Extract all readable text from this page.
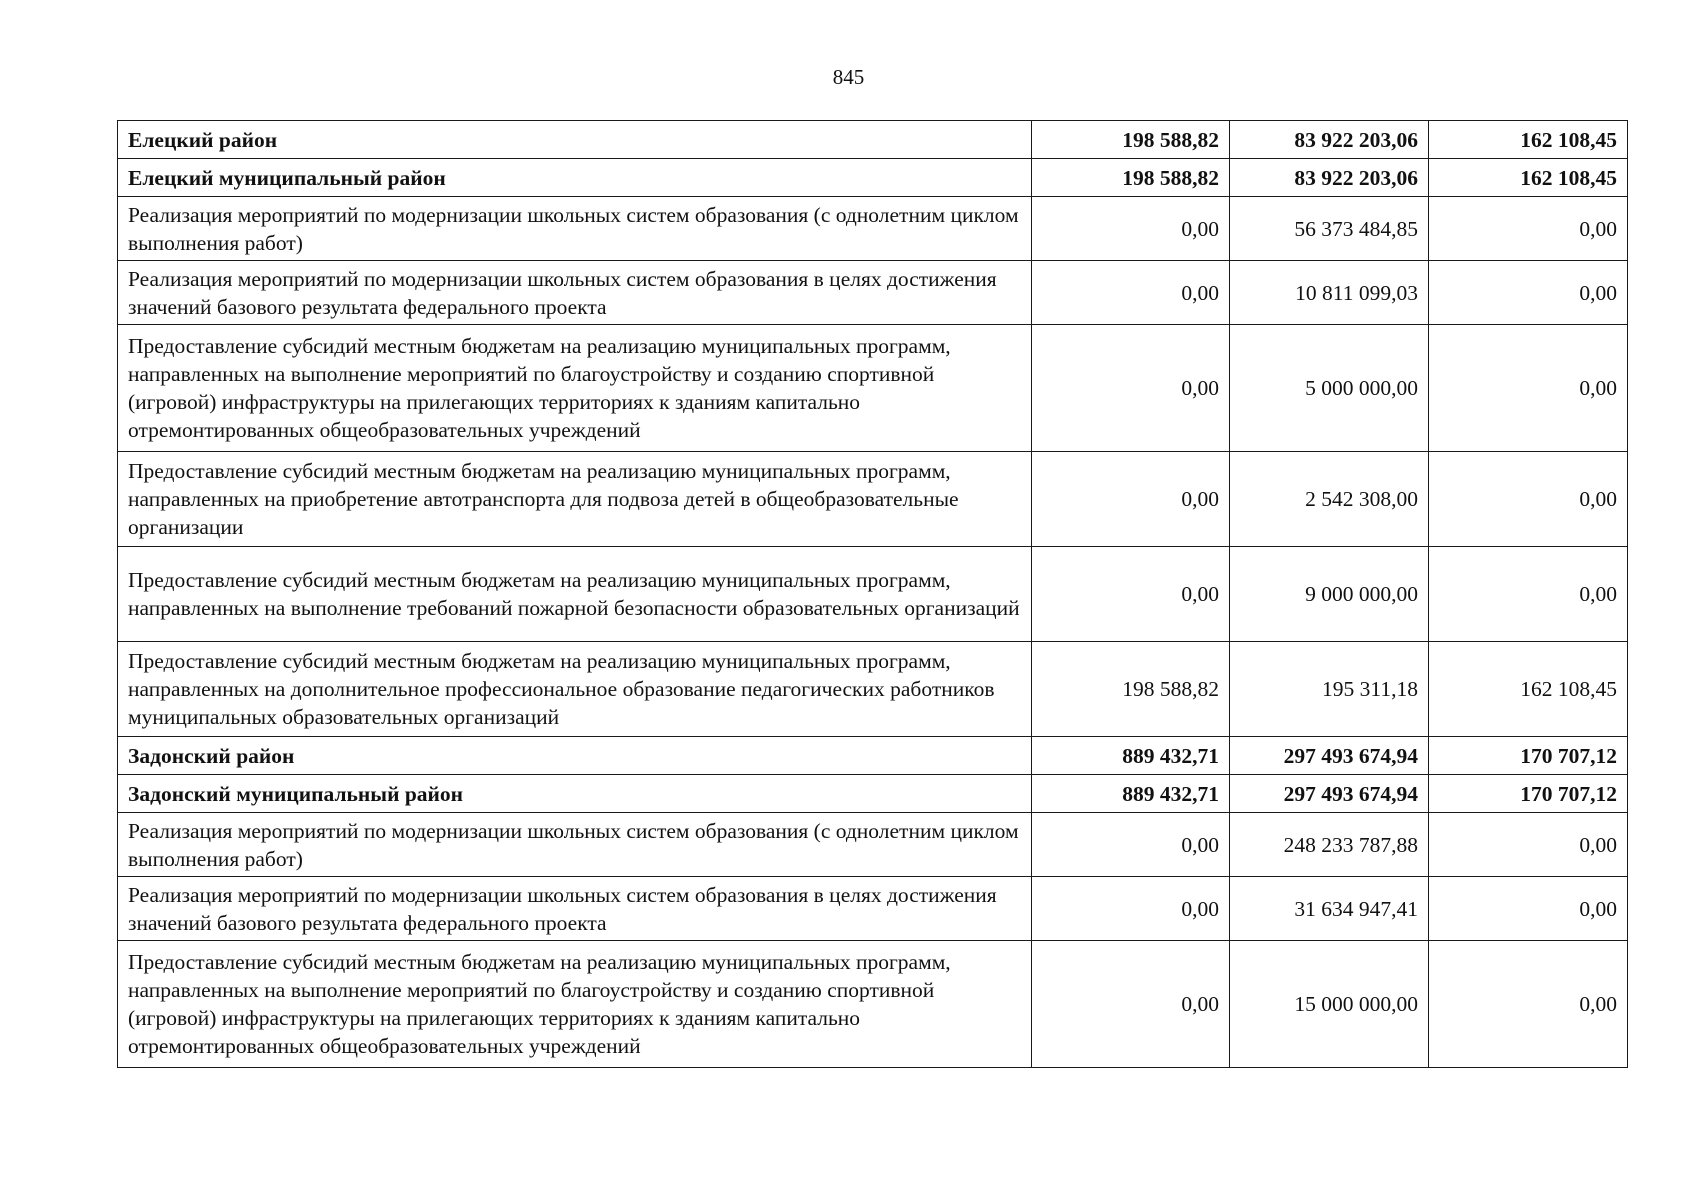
845
Елецкий район	198 588,82	83 922 203,06	162 108,45
Елецкий муниципальный район	198 588,82	83 922 203,06	162 108,45
Реализация мероприятий по модернизации школьных систем образования (с однолетним циклом выполнения работ)	0,00	56 373 484,85	0,00
Реализация мероприятий по модернизации школьных систем образования в целях достижения значений базового результата федерального проекта	0,00	10 811 099,03	0,00
Предоставление субсидий местным бюджетам на реализацию муниципальных программ, направленных на выполнение мероприятий по благоустройству и созданию спортивной (игровой) инфраструктуры на прилегающих территориях к зданиям капитально отремонтированных общеобразовательных учреждений	0,00	5 000 000,00	0,00
Предоставление субсидий местным бюджетам на реализацию муниципальных программ, направленных на приобретение автотранспорта для подвоза детей в общеобразовательные организации	0,00	2 542 308,00	0,00
Предоставление субсидий местным бюджетам на реализацию муниципальных программ, направленных на выполнение требований пожарной безопасности образовательных организаций	0,00	9 000 000,00	0,00
Предоставление субсидий местным бюджетам на реализацию муниципальных программ, направленных на дополнительное профессиональное образование педагогических работников муниципальных образовательных организаций	198 588,82	195 311,18	162 108,45
Задонский район	889 432,71	297 493 674,94	170 707,12
Задонский муниципальный район	889 432,71	297 493 674,94	170 707,12
Реализация мероприятий по модернизации школьных систем образования (с однолетним циклом выполнения работ)	0,00	248 233 787,88	0,00
Реализация мероприятий по модернизации школьных систем образования в целях достижения значений базового результата федерального проекта	0,00	31 634 947,41	0,00
Предоставление субсидий местным бюджетам на реализацию муниципальных программ, направленных на выполнение мероприятий по благоустройству и созданию спортивной (игровой) инфраструктуры на прилегающих территориях к зданиям капитально отремонтированных общеобразовательных учреждений	0,00	15 000 000,00	0,00
